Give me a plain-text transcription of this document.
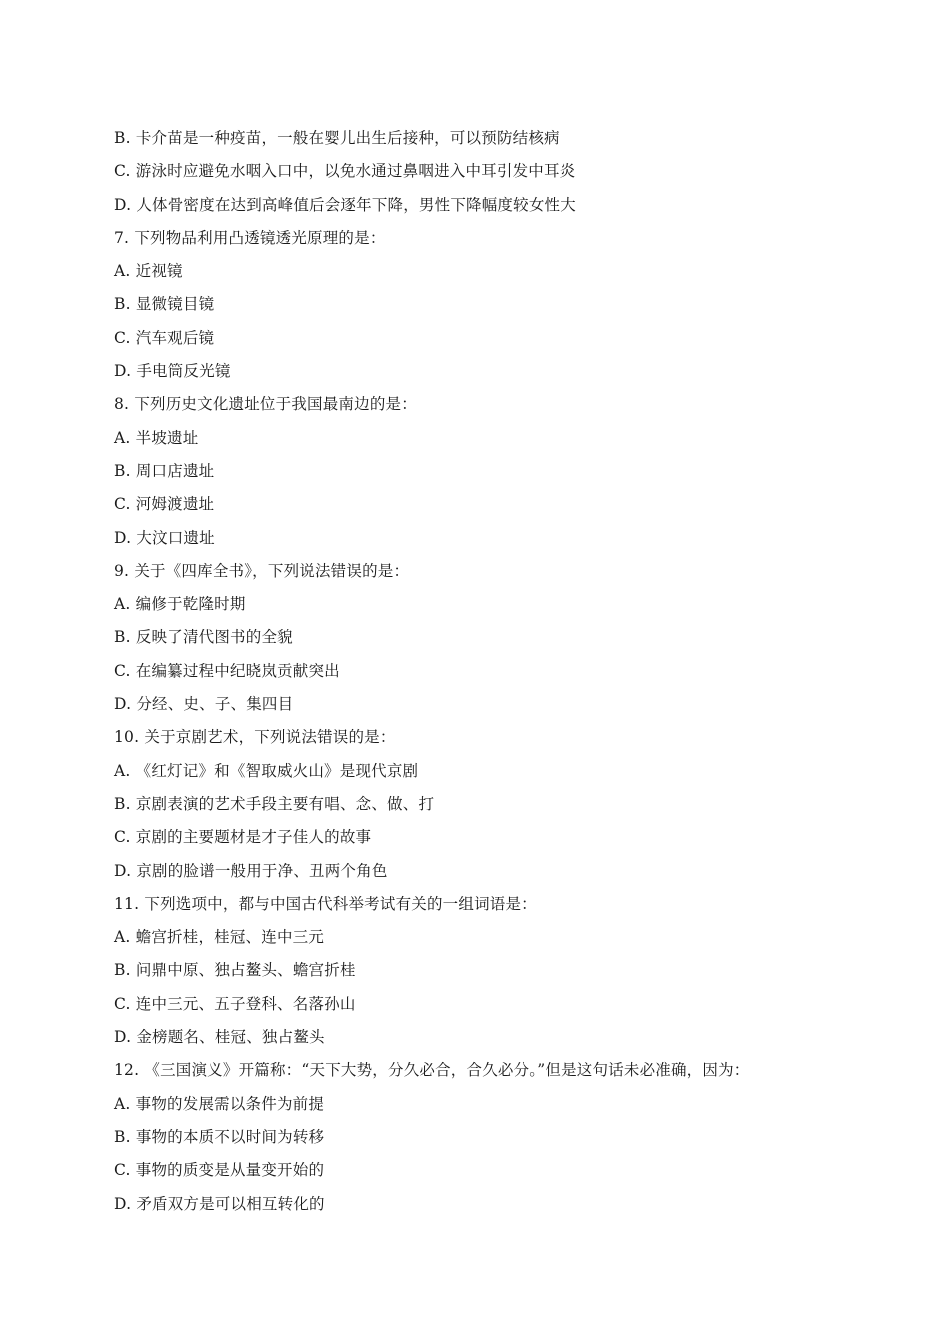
B. 卡介苗是一种疫苗，一般在婴儿出生后接种，可以预防结核病
C. 游泳时应避免水咽入口中，以免水通过鼻咽进入中耳引发中耳炎
D. 人体骨密度在达到高峰值后会逐年下降，男性下降幅度较女性大
7. 下列物品利用凸透镜透光原理的是：
A. 近视镜
B. 显微镜目镜
C. 汽车观后镜
D. 手电筒反光镜
8. 下列历史文化遗址位于我国最南边的是：
A. 半坡遗址
B. 周口店遗址
C. 河姆渡遗址
D. 大汶口遗址
9. 关于《四库全书》，下列说法错误的是：
A. 编修于乾隆时期
B. 反映了清代图书的全貌
C. 在编纂过程中纪晓岚贡献突出
D. 分经、史、子、集四目
10. 关于京剧艺术，下列说法错误的是：
A. 《红灯记》和《智取威火山》是现代京剧
B. 京剧表演的艺术手段主要有唱、念、做、打
C. 京剧的主要题材是才子佳人的故事
D. 京剧的脸谱一般用于净、丑两个角色
11. 下列选项中，都与中国古代科举考试有关的一组词语是：
A. 蟾宫折桂，桂冠、连中三元
B. 问鼎中原、独占鳌头、蟾宫折桂
C. 连中三元、五子登科、名落孙山
D. 金榜题名、桂冠、独占鳌头
12. 《三国演义》开篇称：“天下大势，分久必合，合久必分。”但是这句话未必准确，因为：
A. 事物的发展需以条件为前提
B. 事物的本质不以时间为转移
C. 事物的质变是从量变开始的
D. 矛盾双方是可以相互转化的
